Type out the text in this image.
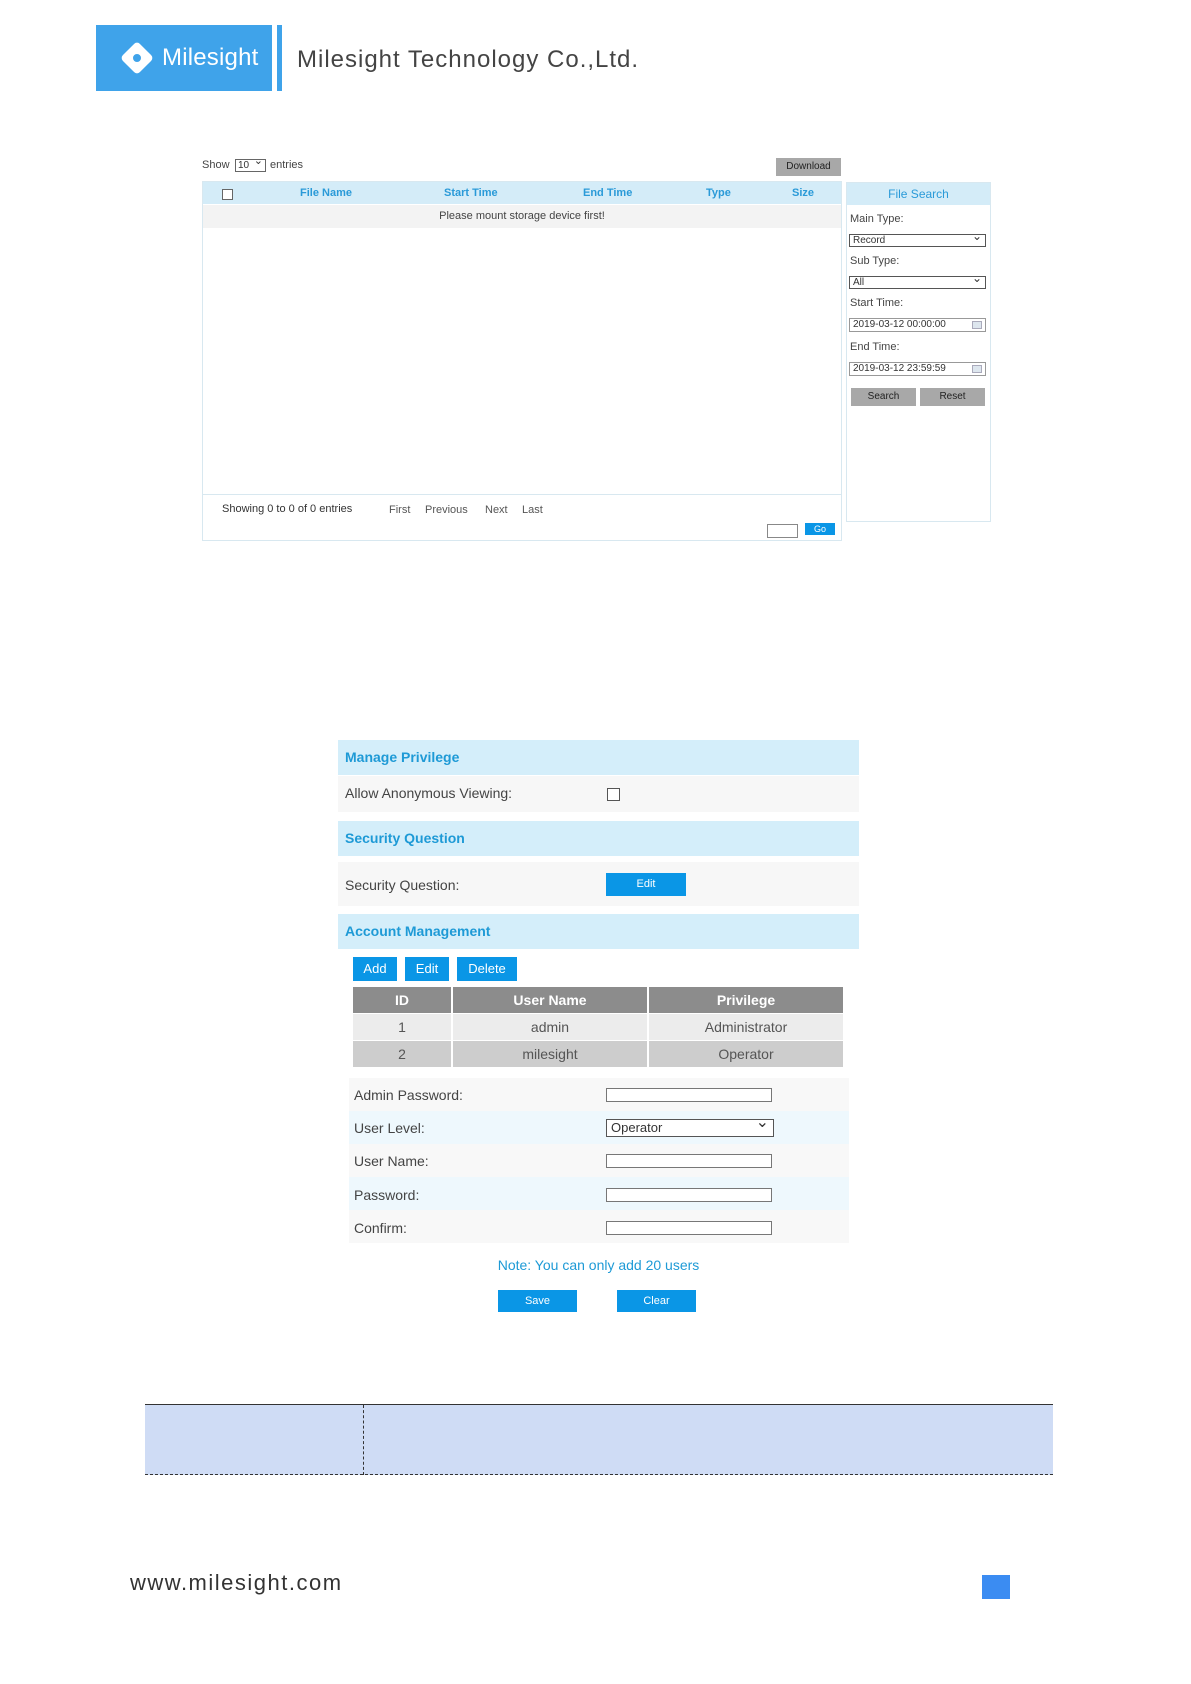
Milesight Milesight Technology Co.,Ltd.
Show 10 ⌄	entries	Download
File Name	Start Time	End Time	Type	Size
Please mount storage device first!
Showing 0 to 0 of 0 entries	First Previous Next Last
Go
File Search
Main Type:
Record ⌄
Sub Type:
All ⌄
Start Time:
2019-03-12 00:00:00
End Time:
2019-03-12 23:59:59
Search	Reset
Manage Privilege
Allow Anonymous Viewing:
Security Question
Security Question:	Edit
Account Management
Add	Edit	Delete
ID	User Name	Privilege
1	admin	Administrator
2	milesight	Operator
Admin Password:
User Level:	Operator ⌄
User Name:
Password:
Confirm:
Note: You can only add 20 users
Save	Clear
www.milesight.com
